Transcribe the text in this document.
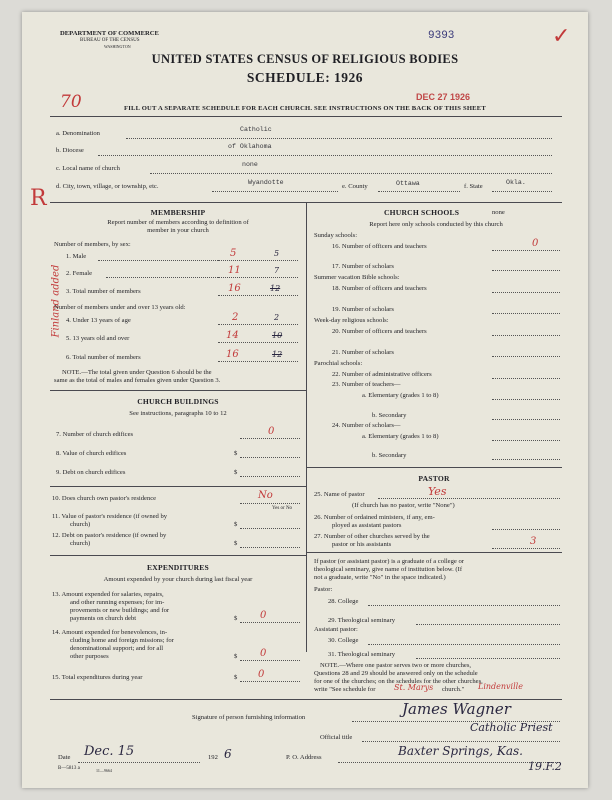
DEPARTMENT OF COMMERCE
BUREAU OF THE CENSUS
WASHINGTON
9393	✓
UNITED STATES CENSUS OF RELIGIOUS BODIES
SCHEDULE: 1926
70	DEC 27 1926
FILL OUT A SEPARATE SCHEDULE FOR EACH CHURCH. SEE INSTRUCTIONS ON THE BACK OF THIS SHEET
a. Denomination
Catholic
b. Diocese
of Oklahoma
c. Local name of church
none
R d. City, town, village, or township, etc.
Wyandotte
e. County	Ottawa	f. State
Okla.
Finland added
MEMBERSHIP
Report number of members according to definition of
member in your church
Number of members, by sex:
1. Male	5	5
2. Female	11	7
3. Total number of members	16	12
Number of members under and over 13 years old:
4. Under 13 years of age	2	2
5. 13 years old and over	14	10
6. Total number of members	16	12
NOTE.—The total given under Question 6 should be the
same as the total of males and females given under Question 3.
CHURCH BUILDINGS
See instructions, paragraphs 10 to 12
7. Number of church edifices	0
8. Value of church edifices	$
9. Debt on church edifices	$
10. Does church own pastor's residence	No
Yes or No
11. Value of pastor's residence (if owned by
church)	$
12. Debt on pastor's residence (if owned by
church)	$
EXPENDITURES
Amount expended by your church during last fiscal year
13. Amount expended for salaries, repairs,
and other running expenses; for im-
provements or new buildings; and for
payments on church debt	$ 0
14. Amount expended for benevolences, in-
cluding home and foreign missions; for
denominational support; and for all
other purposes	$ 0
15. Total expenditures during year	$ 0
CHURCH SCHOOLS	none
Report here only schools conducted by this church
Sunday schools:
16. Number of officers and teachers	0
17. Number of scholars
Summer vacation Bible schools:
18. Number of officers and teachers
19. Number of scholars
Week-day religious schools:
20. Number of officers and teachers
21. Number of scholars
Parochial schools:
22. Number of administrative officers
23. Number of teachers—
a. Elementary (grades 1 to 8)
b. Secondary
24. Number of scholars—
a. Elementary (grades 1 to 8)
b. Secondary
PASTOR
25. Name of pastor	Yes
(If church has no pastor, write "None")
26. Number of ordained ministers, if any, em-
ployed as assistant pastors
27. Number of other churches served by the
pastor or his assistants	3
If pastor (or assistant pastor) is a graduate of a college or
theological seminary, give name of institution below. (If
not a graduate, write "No" in the space indicated.)
Pastor:
28. College
29. Theological seminary
Assistant pastor:
30. College
31. Theological seminary
NOTE.—Where one pastor serves two or more churches,
Questions 28 and 29 should be answered only on the schedule
for one of the churches; on the schedules for the other churches,
write "See schedule for St. Marys church." Lindenville
Signature of person furnishing information	James Wagner
Official title
Catholic Priest
Date Dec. 15	192 6	P. O. Address	Baxter Springs, Kas.
19.F.2
B—5813 a	11—9664
